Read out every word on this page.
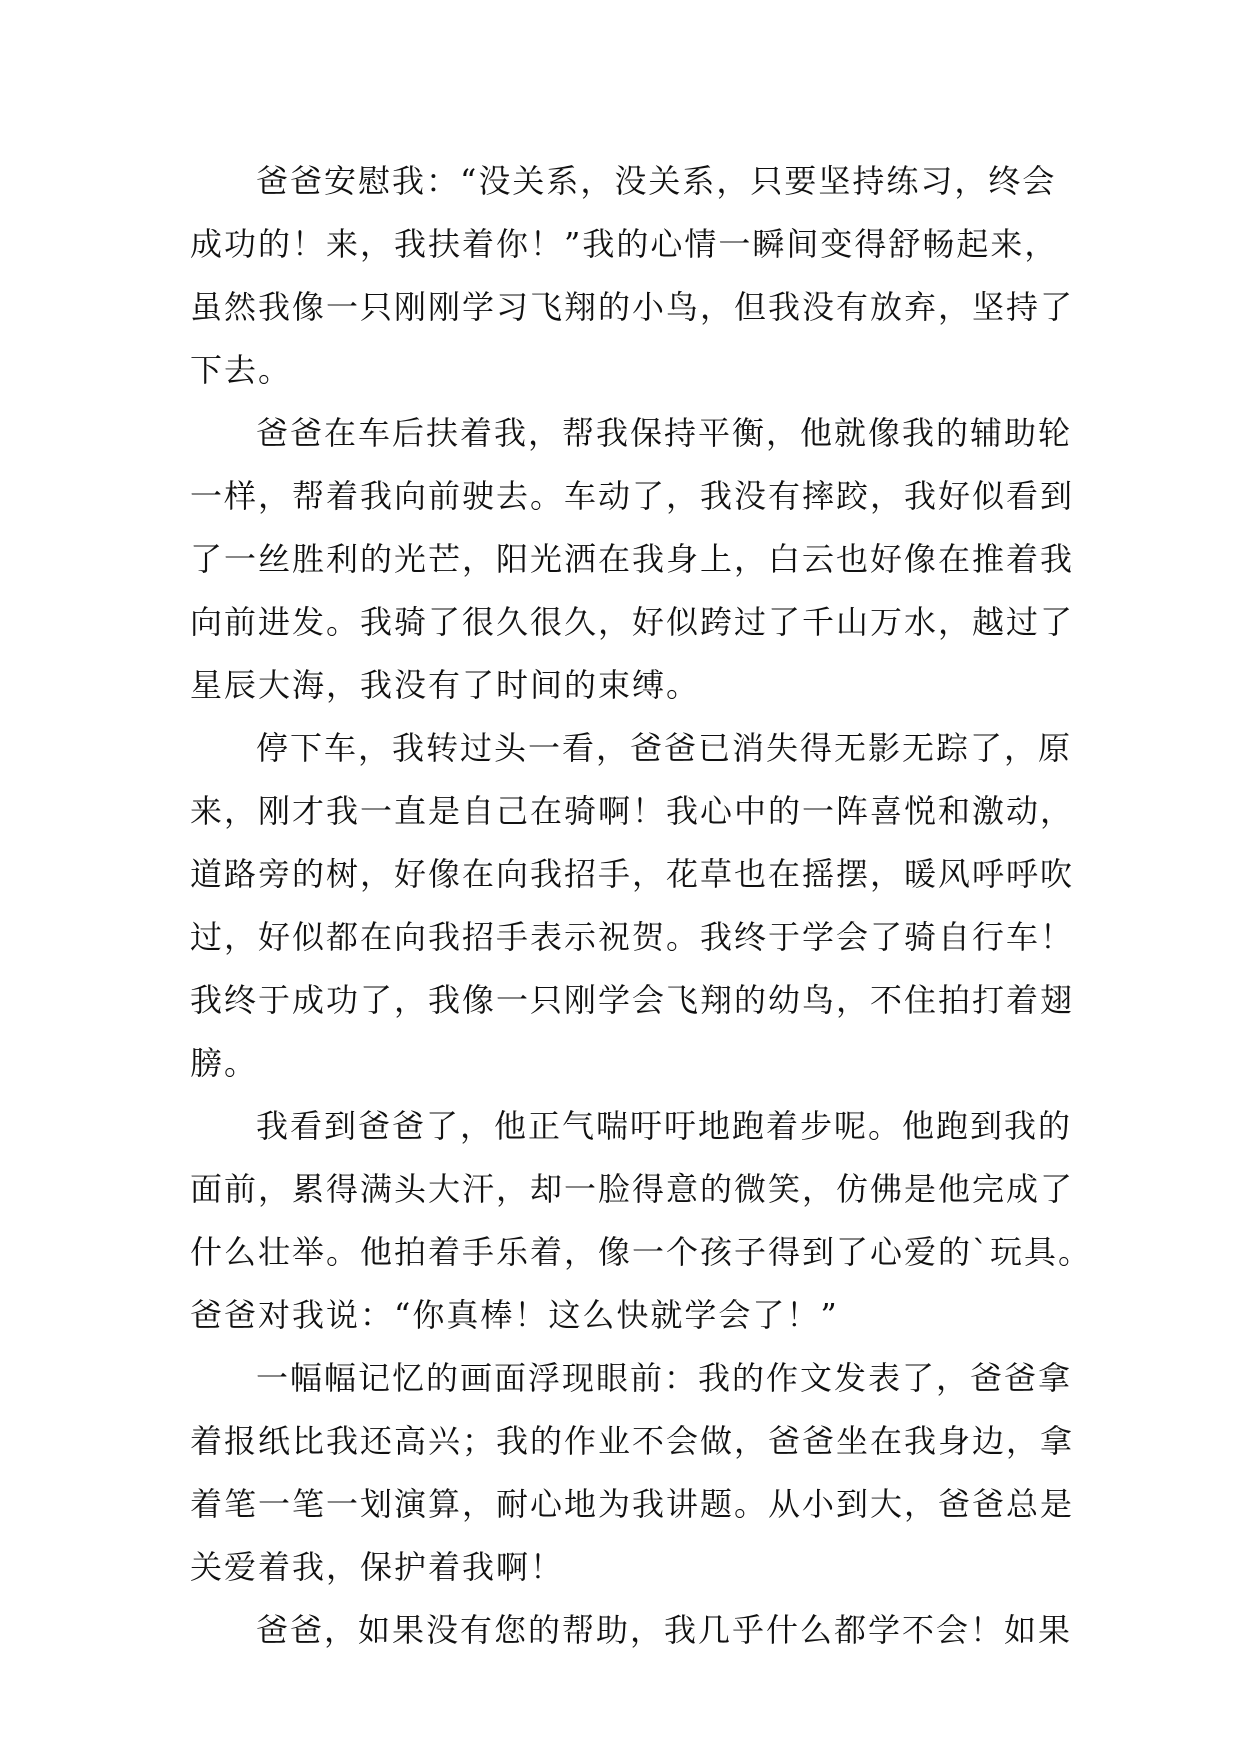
爸爸安慰我：“没关系，没关系，只要坚持练习，终会
成功的！来，我扶着你！”我的心情一瞬间变得舒畅起来，
虽然我像一只刚刚学习飞翔的小鸟，但我没有放弃，坚持了
下去。
爸爸在车后扶着我，帮我保持平衡，他就像我的辅助轮
一样，帮着我向前驶去。车动了，我没有摔跤，我好似看到
了一丝胜利的光芒，阳光洒在我身上，白云也好像在推着我
向前进发。我骑了很久很久，好似跨过了千山万水，越过了
星辰大海，我没有了时间的束缚。
停下车，我转过头一看，爸爸已消失得无影无踪了，原
来，刚才我一直是自己在骑啊！我心中的一阵喜悦和激动，
道路旁的树，好像在向我招手，花草也在摇摆，暖风呼呼吹
过，好似都在向我招手表示祝贺。我终于学会了骑自行车！
我终于成功了，我像一只刚学会飞翔的幼鸟，不住拍打着翅
膀。
我看到爸爸了，他正气喘吁吁地跑着步呢。他跑到我的
面前，累得满头大汗，却一脸得意的微笑，仿佛是他完成了
什么壮举。他拍着手乐着，像一个孩子得到了心爱的`玩具。
爸爸对我说：“你真棒！这么快就学会了！”
一幅幅记忆的画面浮现眼前：我的作文发表了，爸爸拿
着报纸比我还高兴；我的作业不会做，爸爸坐在我身边，拿
着笔一笔一划演算，耐心地为我讲题。从小到大，爸爸总是
关爱着我，保护着我啊！
爸爸，如果没有您的帮助，我几乎什么都学不会！如果
